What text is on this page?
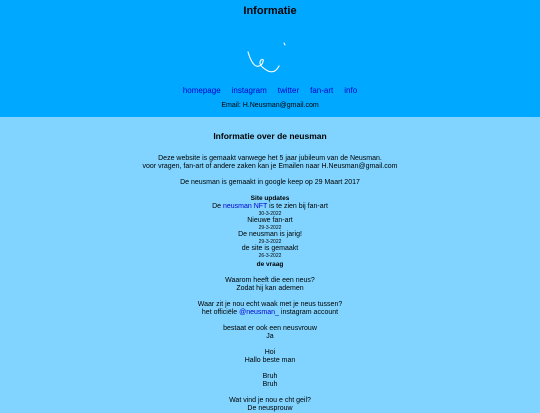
Informatie
homepage instagram twitter fan-art info
Email: H.Neusman@gmail.com
Informatie over de neusman

Deze website is gemaakt vanwege het 5 jaar jubileum van de Neusman.

voor vragen, fan-art of andere zaken kan je Emailen naar H.Neusman@gmail.com

De neusman is gemaakt in google keep op 29 Maart 2017

Site updates

De neusman NFT is te zien bij fan-art

30-3-2022

Nieuwe fan-art

29-3-2022

De neusman is jarig!

29-3-2022

de site is gemaakt

26-3-2022

de vraag

Waarom heeft die een neus?

Zodat hij kan ademen

Waar zit je nou echt waak met je neus tussen?

het officiële @neusman_ instagram account

bestaat er ook een neusvrouw

Ja

Hoi

Hallo beste man

Bruh

Bruh

Wat vind je nou e cht geil?

De neusprouw
